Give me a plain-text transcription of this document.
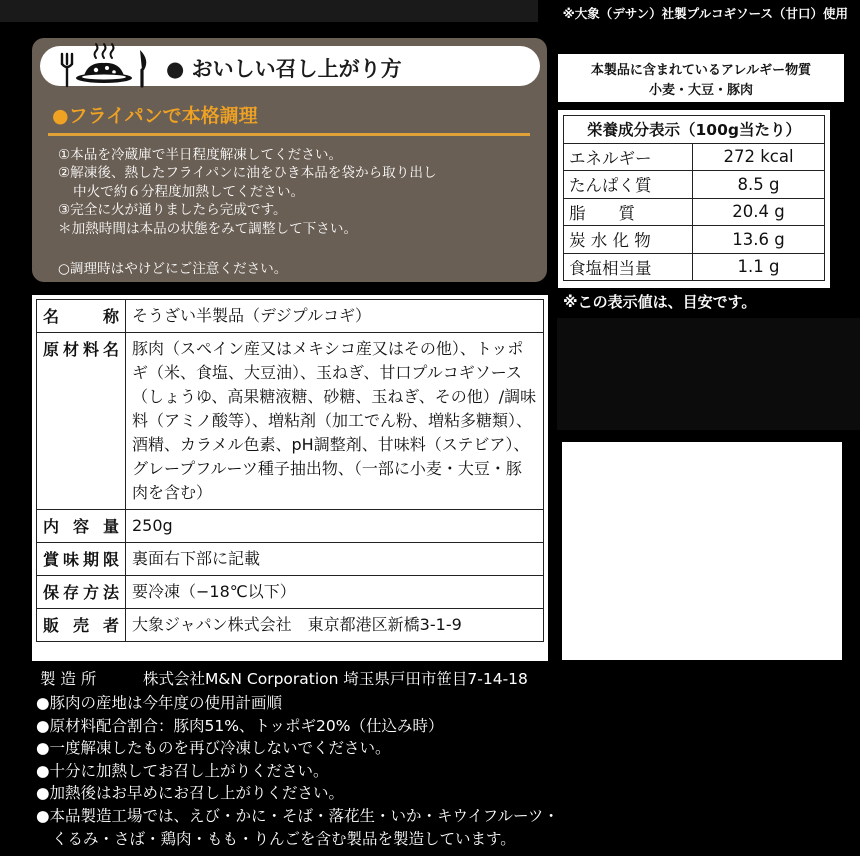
※大象（デサン）社製プルコギソース（甘口）使用
● おいしい召し上がり方
●フライパンで本格調理
①本品を冷蔵庫で半日程度解凍してください。
②解凍後、熱したフライパンに油をひき本品を袋から取り出し
中火で約６分程度加熱してください。
③完全に火が通りましたら完成です。
＊加熱時間は本品の状態をみて調整して下さい。
○調理時はやけどにご注意ください。
本製品に含まれているアレルギー物質
小麦・大豆・豚肉
栄養成分表示（100g当たり）	
エネルギー	272 kcal
たんぱく質	8.5 g
脂　　質	20.4 g
炭 水 化 物	13.6 g
食塩相当量	1.1 g
※この表示値は、目安です。
名称	そうざい半製品（デジプルコギ）
原材料名	豚肉（スペイン産又はメキシコ産又はその他）、トッポギ（米、食塩、大豆油）、玉ねぎ、甘口プルコギソース（しょうゆ、高果糖液糖、砂糖、玉ねぎ、その他）/調味料（アミノ酸等）、増粘剤（加工でん粉、増粘多糖類）、酒精、カラメル色素、pH調整剤、甘味料（ステビア）、グレープフルーツ種子抽出物、（一部に小麦・大豆・豚肉を含む）
内容量	250g
賞味期限	裏面右下部に記載
保存方法	要冷凍（−18℃以下）
販売者	大象ジャパン株式会社　東京都港区新橋3-1-9
製 造 所	株式会社M&N Corporation 埼玉県戸田市笹目7-14-18
●豚肉の産地は今年度の使用計画順
●原材料配合割合：豚肉51%、トッポギ20%（仕込み時）
●一度解凍したものを再び冷凍しないでください。
●十分に加熱してお召し上がりください。
●加熱後はお早めにお召し上がりください。
●本品製造工場では、えび・かに・そば・落花生・いか・キウイフルーツ・
くるみ・さば・鶏肉・もも・りんごを含む製品を製造しています。
